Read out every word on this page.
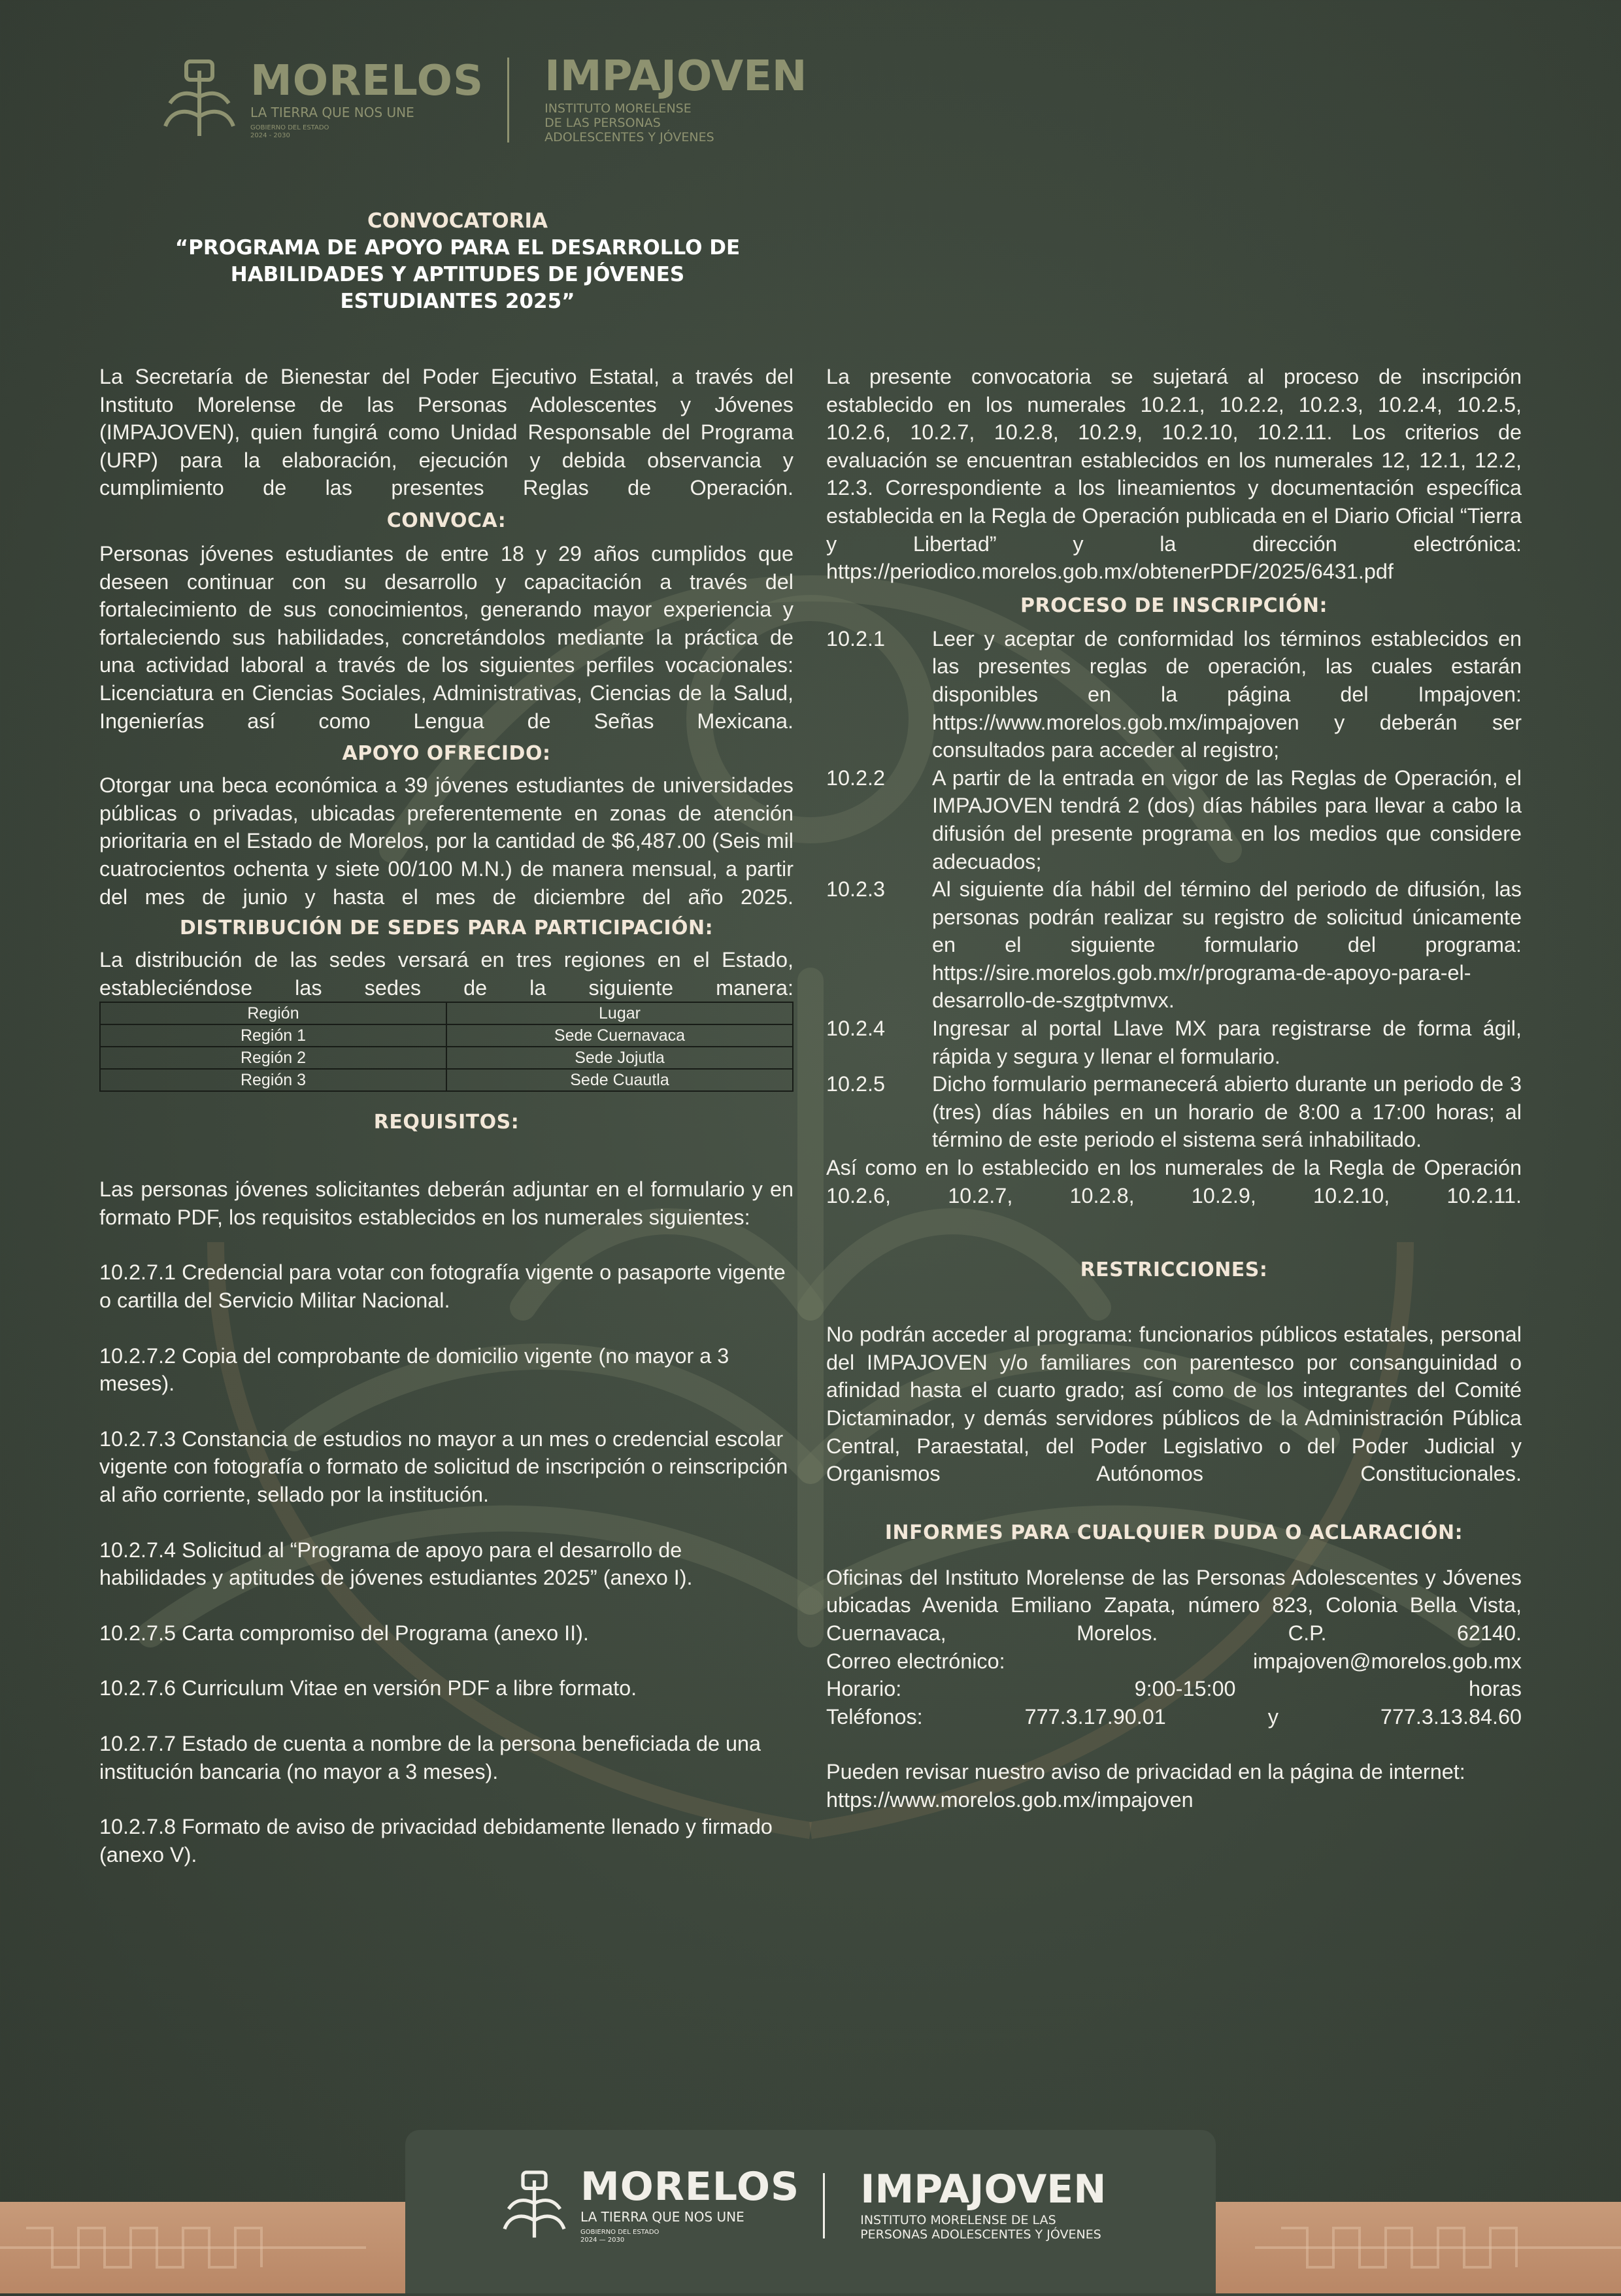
MORELOS
LA TIERRA QUE NOS UNE
GOBIERNO DEL ESTADO
2024 - 2030
IMPAJOVEN
INSTITUTO MORELENSE
DE LAS PERSONAS
ADOLESCENTES Y JÓVENES
CONVOCATORIA
“PROGRAMA DE APOYO PARA EL DESARROLLO DE
HABILIDADES Y APTITUDES DE JÓVENES
ESTUDIANTES 2025”

La Secretaría de Bienestar del Poder Ejecutivo Estatal, a través del Instituto Morelense de las Personas Adolescentes y Jóvenes (IMPAJOVEN), quien fungirá como Unidad Responsable del Programa (URP) para la elaboración, ejecución y debida observancia y cumplimiento de las presentes Reglas de Operación.

CONVOCA:

Personas jóvenes estudiantes de entre 18 y 29 años cumplidos que deseen continuar con su desarrollo y capacitación a través del fortalecimiento de sus conocimientos, generando mayor experiencia y fortaleciendo sus habilidades, concretándolos mediante la práctica de una actividad laboral a través de los siguientes perfiles vocacionales: Licenciatura en Ciencias Sociales, Administrativas, Ciencias de la Salud, Ingenierías así como Lengua de Señas Mexicana.

APOYO OFRECIDO:

Otorgar una beca económica a 39 jóvenes estudiantes de universidades públicas o privadas, ubicadas preferentemente en zonas de atención prioritaria en el Estado de Morelos, por la cantidad de $6,487.00 (Seis mil cuatrocientos ochenta y siete 00/100 M.N.) de manera mensual, a partir del mes de junio y hasta el mes de diciembre del año 2025.

DISTRIBUCIÓN DE SEDES PARA PARTICIPACIÓN:

La distribución de las sedes versará en tres regiones en el Estado, estableciéndose las sedes de la siguiente manera:

Región	Lugar
Región 1	Sede Cuernavaca
Región 2	Sede Jojutla
Región 3	Sede Cuautla
REQUISITOS:

Las personas jóvenes solicitantes deberán adjuntar en el formulario y en formato PDF, los requisitos establecidos en los numerales siguientes:

10.2.7.1 Credencial para votar con fotografía vigente o pasaporte vigente o cartilla del Servicio Militar Nacional.

10.2.7.2 Copia del comprobante de domicilio vigente (no mayor a 3 meses).

10.2.7.3 Constancia de estudios no mayor a un mes o credencial escolar vigente con fotografía o formato de solicitud de inscripción o reinscripción al año corriente, sellado por la institución.

10.2.7.4 Solicitud al “Programa de apoyo para el desarrollo de habilidades y aptitudes de jóvenes estudiantes 2025” (anexo I).

10.2.7.5 Carta compromiso del Programa (anexo II).

10.2.7.6 Curriculum Vitae en versión PDF a libre formato.

10.2.7.7 Estado de cuenta a nombre de la persona beneficiada de una institución bancaria (no mayor a 3 meses).

10.2.7.8 Formato de aviso de privacidad debidamente llenado y firmado (anexo V).

La presente convocatoria se sujetará al proceso de inscripción establecido en los numerales 10.2.1, 10.2.2, 10.2.3, 10.2.4, 10.2.5, 10.2.6, 10.2.7, 10.2.8, 10.2.9, 10.2.10, 10.2.11. Los criterios de evaluación se encuentran establecidos en los numerales 12, 12.1, 12.2, 12.3. Correspondiente a los lineamientos y documentación específica establecida en la Regla de Operación publicada en el Diario Oficial “Tierra y Libertad” y la dirección electrónica: https://periodico.morelos.gob.mx/obtenerPDF/2025/6431.pdf

PROCESO DE INSCRIPCIÓN:
10.2.1	Leer y aceptar de conformidad los términos establecidos en las presentes reglas de operación, las cuales estarán disponibles en la página del Impajoven: https://www.morelos.gob.mx/impajoven y deberán ser consultados para acceder al registro;
10.2.2	A partir de la entrada en vigor de las Reglas de Operación, el IMPAJOVEN tendrá 2 (dos) días hábiles para llevar a cabo la difusión del presente programa en los medios que considere adecuados;
10.2.3	Al siguiente día hábil del término del periodo de difusión, las personas podrán realizar su registro de solicitud únicamente en el siguiente formulario del programa: https://sire.morelos.gob.mx/r/programa-de-apoyo-para-el-desarrollo-de-szgtptvmvx.
10.2.4	Ingresar al portal Llave MX para registrarse de forma ágil, rápida y segura y llenar el formulario.
10.2.5	Dicho formulario permanecerá abierto durante un periodo de 3 (tres) días hábiles en un horario de 8:00 a 17:00 horas; al término de este periodo el sistema será inhabilitado.

Así como en lo establecido en los numerales de la Regla de Operación 10.2.6, 10.2.7, 10.2.8, 10.2.9, 10.2.10, 10.2.11.

RESTRICCIONES:

No podrán acceder al programa: funcionarios públicos estatales, personal del IMPAJOVEN y/o familiares con parentesco por consanguinidad o afinidad hasta el cuarto grado; así como de los integrantes del Comité Dictaminador, y demás servidores públicos de la Administración Pública Central, Paraestatal, del Poder Legislativo o del Poder Judicial y Organismos Autónomos Constitucionales.

INFORMES PARA CUALQUIER DUDA O ACLARACIÓN:

Oficinas del Instituto Morelense de las Personas Adolescentes y Jóvenes ubicadas Avenida Emiliano Zapata, número 823, Colonia Bella Vista, Cuernavaca, Morelos. C.P. 62140.

Correo electrónico:	impajoven@morelos.gob.mx
Horario:	9:00-15:00	horas
Teléfonos:	777.3.17.90.01	y	777.3.13.84.60

Pueden revisar nuestro aviso de privacidad en la página de internet:

https://www.morelos.gob.mx/impajoven

MORELOS
LA TIERRA QUE NOS UNE
GOBIERNO DEL ESTADO
2024 — 2030
IMPAJOVEN
INSTITUTO MORELENSE DE LAS
PERSONAS ADOLESCENTES Y JÓVENES
